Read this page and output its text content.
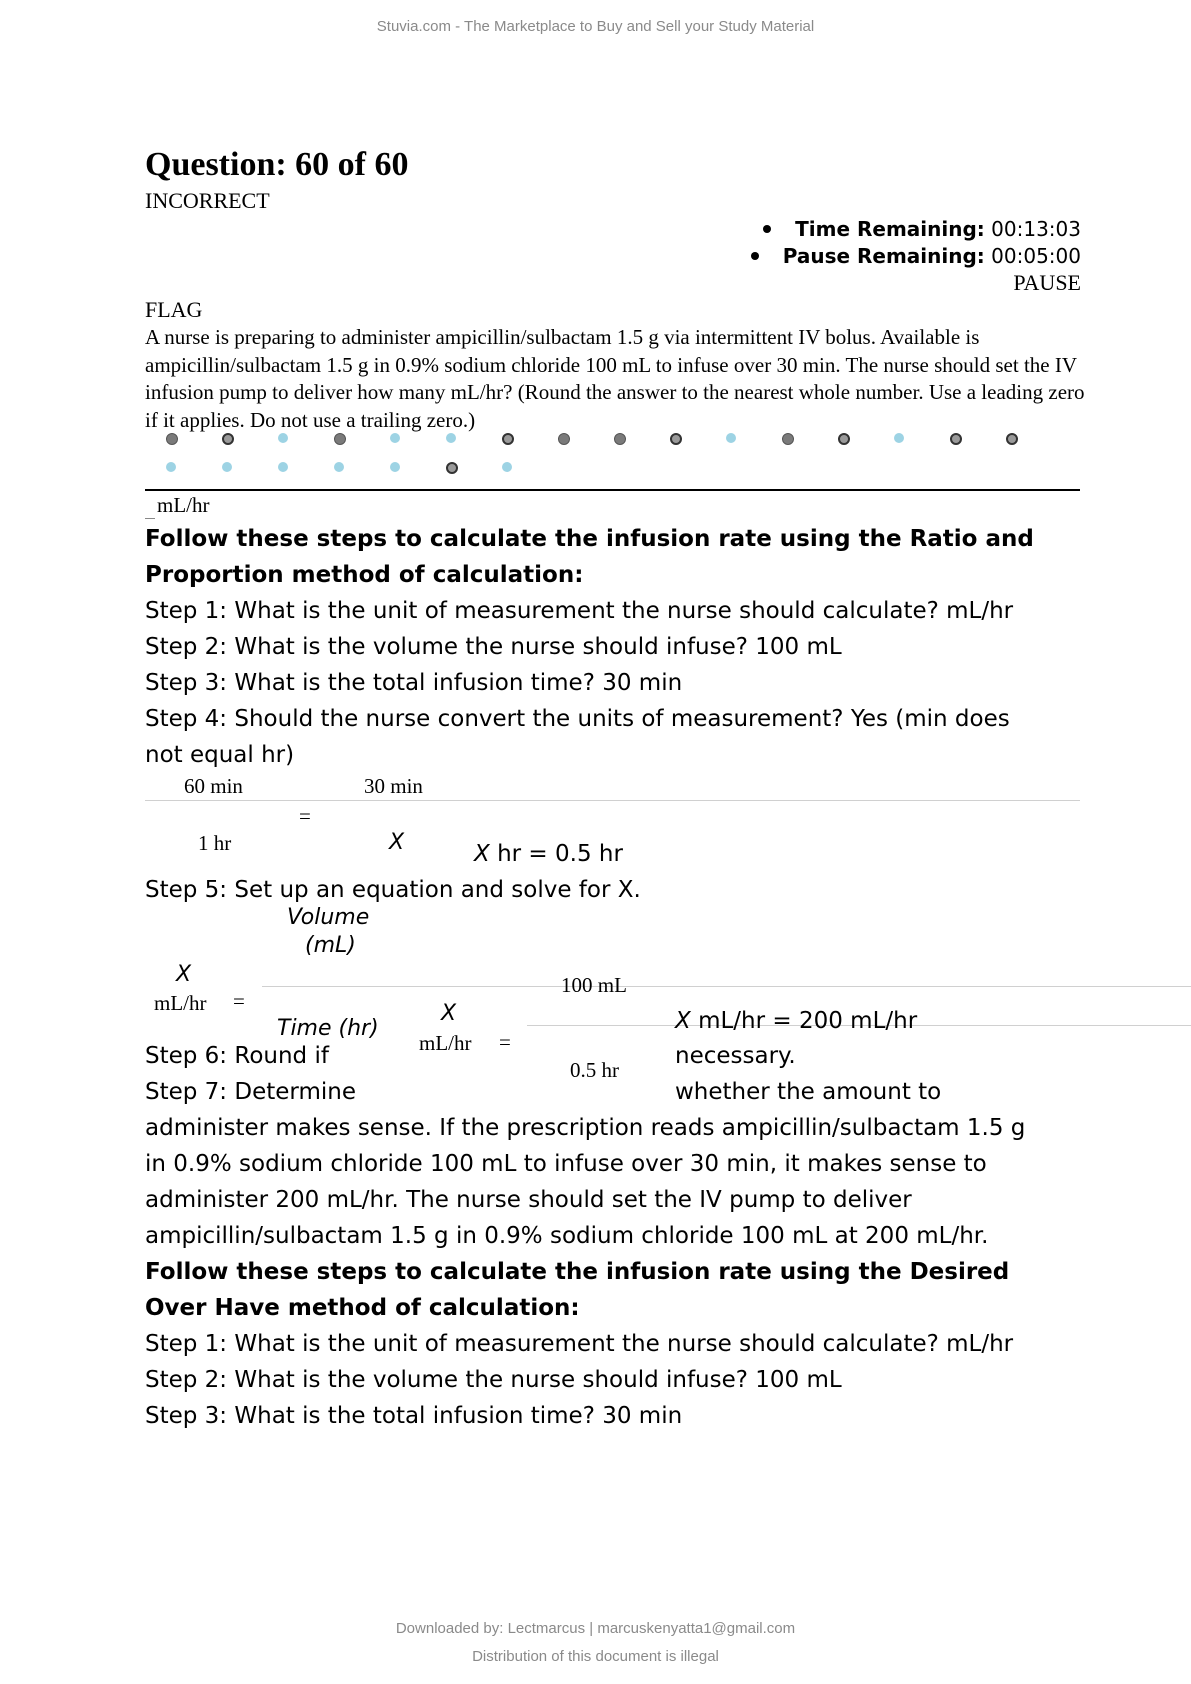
Stuvia.com - The Marketplace to Buy and Sell your Study Material
Question: 60 of 60
INCORRECT
Time Remaining: 00:13:03
Pause Remaining: 00:05:00
PAUSE
FLAG
A nurse is preparing to administer ampicillin/sulbactam 1.5 g via intermittent IV bolus. Available is ampicillin/sulbactam 1.5 g in 0.9% sodium chloride 100 mL to infuse over 30 min. The nurse should set the IV infusion pump to deliver how many mL/hr? (Round the answer to the nearest whole number. Use a leading zero if it applies. Do not use a trailing zero.)
mL/hr
Follow these steps to calculate the infusion rate using the Ratio and
Proportion method of calculation:
Step 1: What is the unit of measurement the nurse should calculate? mL/hr
Step 2: What is the volume the nurse should infuse? 100 mL
Step 3: What is the total infusion time? 30 min
Step 4: Should the nurse convert the units of measurement? Yes (min does
not equal hr)
60 min	30 min
=
1 hr	X	X hr = 0.5 hr
Step 5: Set up an equation and solve for X.
Volume
(mL)
X
mL/hr =
100 mL
X
Time (hr)	X mL/hr = 200 mL/hr
mL/hr =
0.5 hr
Step 6: Round if	necessary.
Step 7: Determine	whether the amount to
administer makes sense. If the prescription reads ampicillin/sulbactam 1.5 g
in 0.9% sodium chloride 100 mL to infuse over 30 min, it makes sense to
administer 200 mL/hr. The nurse should set the IV pump to deliver
ampicillin/sulbactam 1.5 g in 0.9% sodium chloride 100 mL at 200 mL/hr.
Follow these steps to calculate the infusion rate using the Desired
Over Have method of calculation:
Step 1: What is the unit of measurement the nurse should calculate? mL/hr
Step 2: What is the volume the nurse should infuse? 100 mL
Step 3: What is the total infusion time? 30 min
Downloaded by: Lectmarcus | marcuskenyatta1@gmail.com
Distribution of this document is illegal
